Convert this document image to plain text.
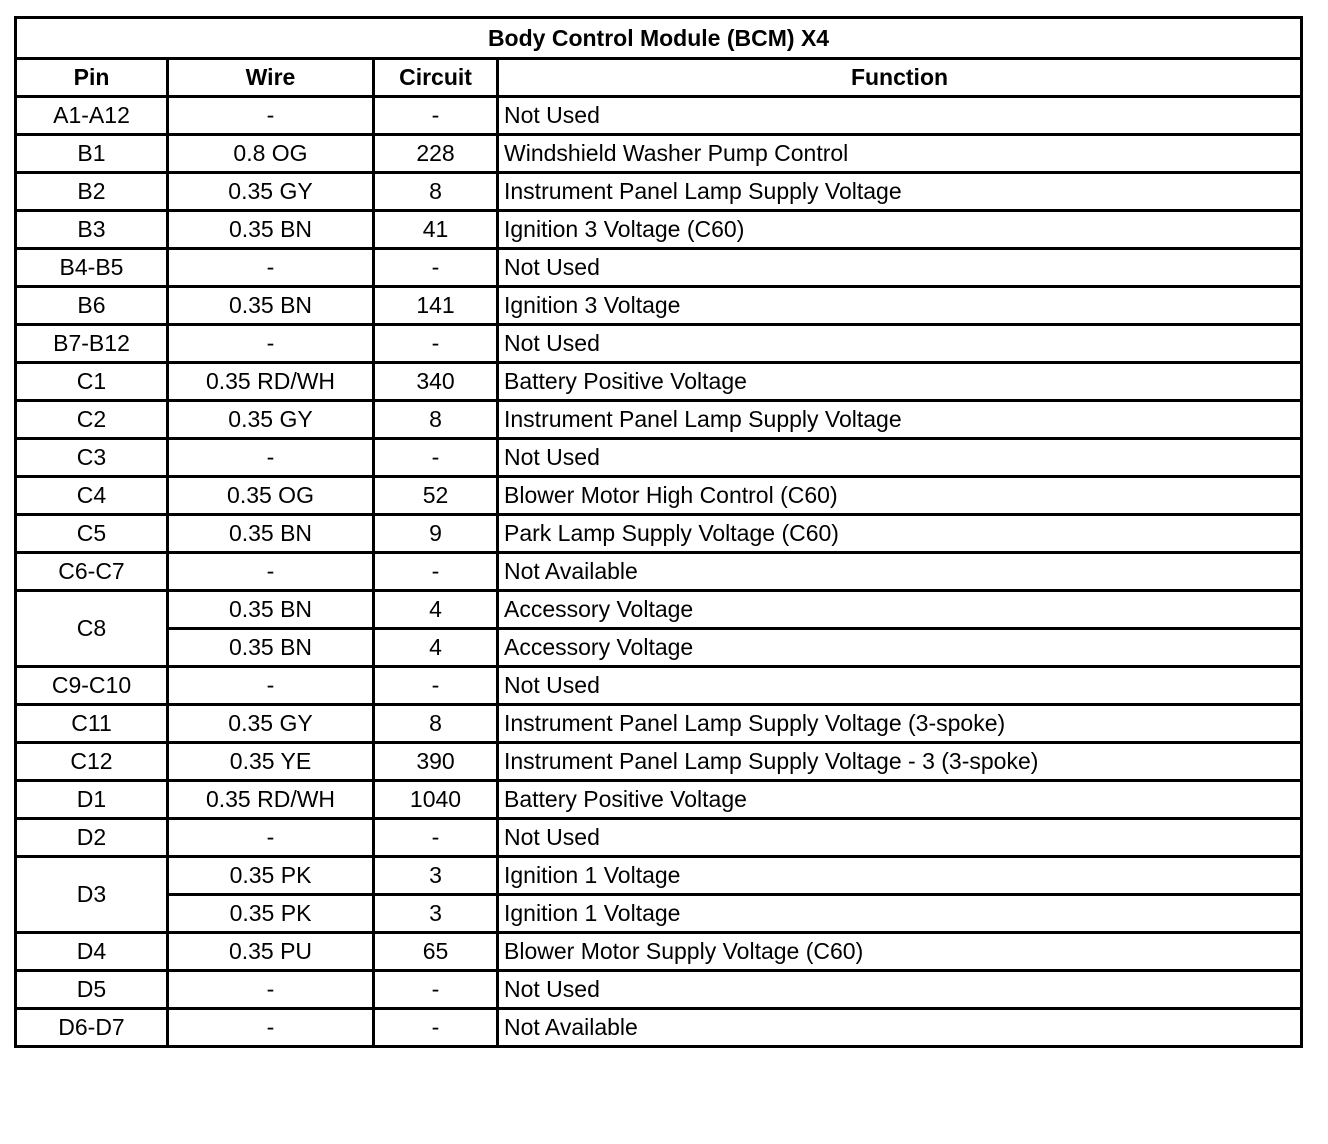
Body Control Module (BCM) X4			
Pin	Wire	Circuit	Function
A1-A12	-	-	Not Used
B1	0.8 OG	228	Windshield Washer Pump Control
B2	0.35 GY	8	Instrument Panel Lamp Supply Voltage
B3	0.35 BN	41	Ignition 3 Voltage (C60)
B4-B5	-	-	Not Used
B6	0.35 BN	141	Ignition 3 Voltage
B7-B12	-	-	Not Used
C1	0.35 RD/WH	340	Battery Positive Voltage
C2	0.35 GY	8	Instrument Panel Lamp Supply Voltage
C3	-	-	Not Used
C4	0.35 OG	52	Blower Motor High Control (C60)
C5	0.35 BN	9	Park Lamp Supply Voltage (C60)
C6-C7	-	-	Not Available
C8	0.35 BN	4	Accessory Voltage
	0.35 BN	4	Accessory Voltage
C9-C10	-	-	Not Used
C11	0.35 GY	8	Instrument Panel Lamp Supply Voltage (3-spoke)
C12	0.35 YE	390	Instrument Panel Lamp Supply Voltage - 3 (3-spoke)
D1	0.35 RD/WH	1040	Battery Positive Voltage
D2	-	-	Not Used
D3	0.35 PK	3	Ignition 1 Voltage
	0.35 PK	3	Ignition 1 Voltage
D4	0.35 PU	65	Blower Motor Supply Voltage (C60)
D5	-	-	Not Used
D6-D7	-	-	Not Available
